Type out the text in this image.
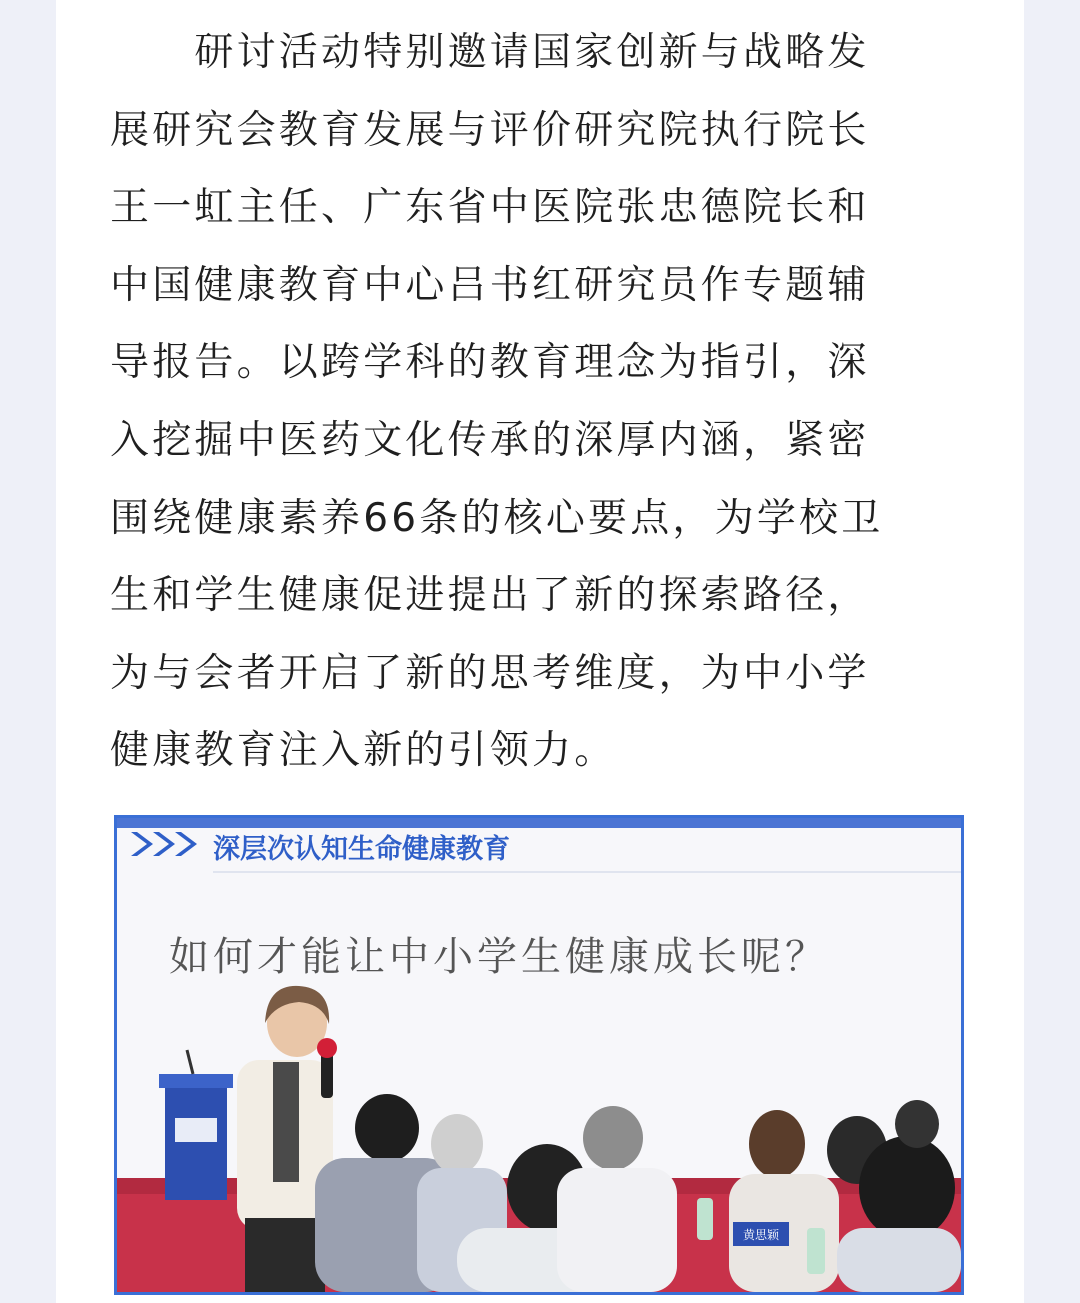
　　研讨活动特别邀请国家创新与战略发
展研究会教育发展与评价研究院执行院长
王一虹主任、广东省中医院张忠德院长和
中国健康教育中心吕书红研究员作专题辅
导报告。以跨学科的教育理念为指引，深
入挖掘中医药文化传承的深厚内涵，紧密
围绕健康素养66条的核心要点，为学校卫
生和学生健康促进提出了新的探索路径，
为与会者开启了新的思考维度，为中小学
健康教育注入新的引领力。

深层次认知生命健康教育
如何才能让中小学生健康成长呢？
黄思颖
